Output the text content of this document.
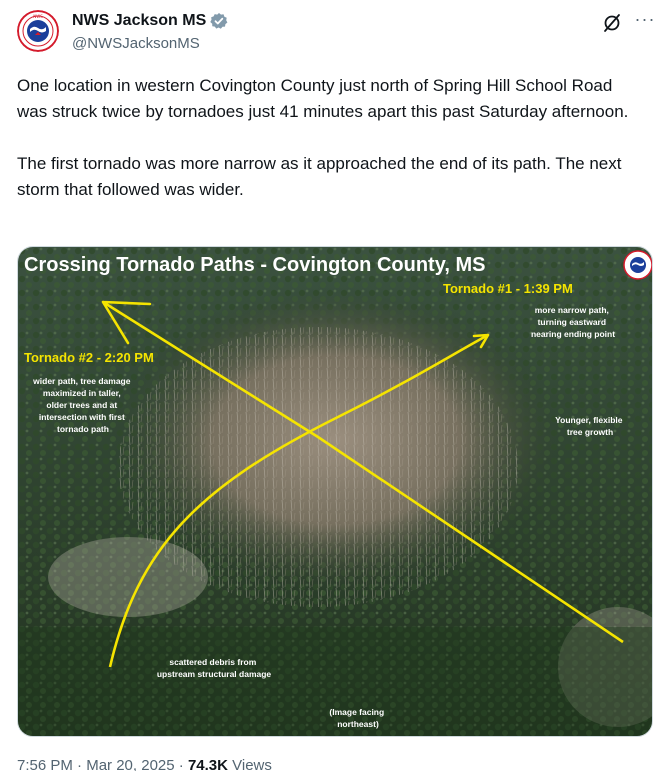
NWS NWS Jackson MS
@NWSJacksonMS
···

One location in western Covington County just north of Spring Hill School Road was struck twice by tornadoes just 41 minutes apart this past Saturday afternoon.

The first tornado was more narrow as it approached the end of its path. The next storm that followed was wider.

Crossing Tornado Paths - Covington County, MS
Tornado #1 - 1:39 PM
more narrow path, turning eastward nearing ending point
Tornado #2 - 2:20 PM
wider path, tree damage maximized in taller, older trees and at intersection with first tornado path
Younger, flexible tree growth
scattered debris from upstream structural damage
(Image facing northeast)
7:56 PM · Mar 20, 2025 · 74.3K Views
